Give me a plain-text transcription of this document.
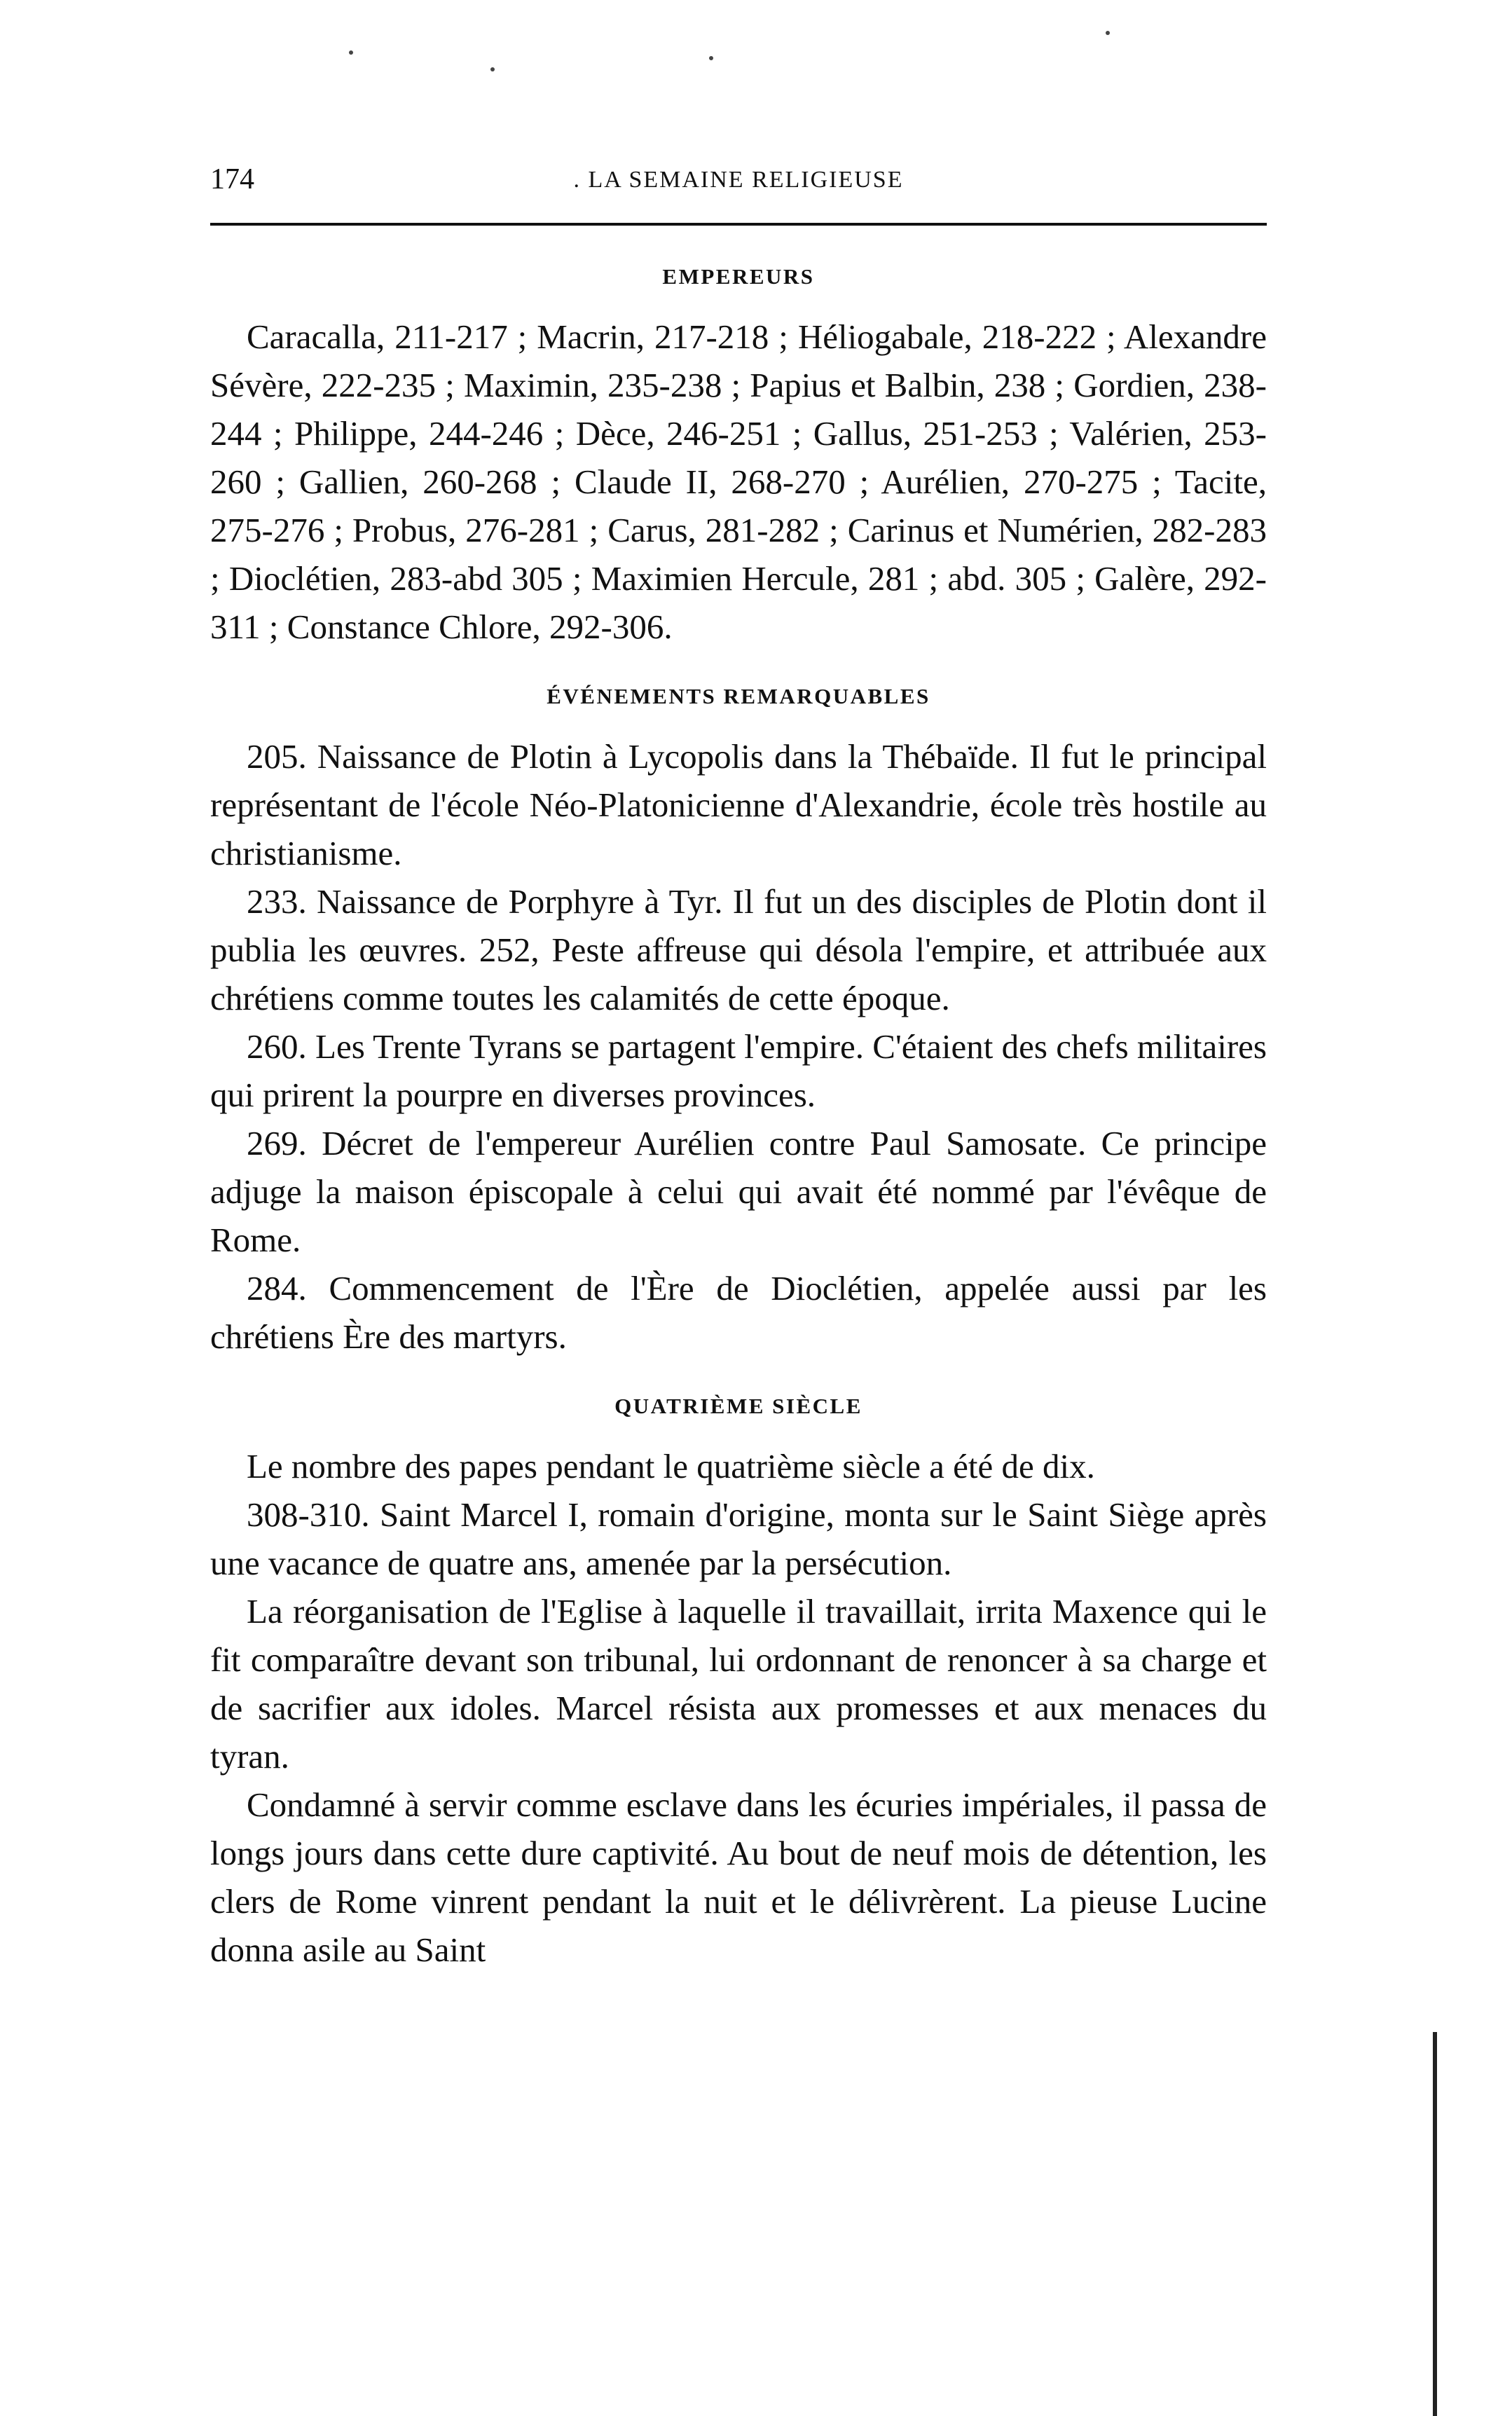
174	. LA SEMAINE RELIGIEUSE
EMPEREURS

Caracalla, 211-217 ; Macrin, 217-218 ; Héliogabale, 218-222 ; Alexandre Sévère, 222-235 ; Maximin, 235-238 ; Papius et Balbin, 238 ; Gordien, 238-244 ; Philippe, 244-246 ; Dèce, 246-251 ; Gallus, 251-253 ; Valérien, 253-260 ; Gallien, 260-268 ; Claude II, 268-270 ; Aurélien, 270-275 ; Tacite, 275-276 ; Probus, 276-281 ; Carus, 281-282 ; Carinus et Numérien, 282-283 ; Dioclétien, 283-abd 305 ; Maximien Hercule, 281 ; abd. 305 ; Galère, 292-311 ; Constance Chlore, 292-306.

ÉVÉNEMENTS REMARQUABLES

205. Naissance de Plotin à Lycopolis dans la Thébaïde. Il fut le principal représentant de l'école Néo-Platonicienne d'Alexandrie, école très hostile au christianisme.

233. Naissance de Porphyre à Tyr. Il fut un des disciples de Plotin dont il publia les œuvres. 252, Peste affreuse qui désola l'empire, et attribuée aux chrétiens comme toutes les calamités de cette époque.

260. Les Trente Tyrans se partagent l'empire. C'étaient des chefs militaires qui prirent la pourpre en diverses provinces.

269. Décret de l'empereur Aurélien contre Paul Samosate. Ce principe adjuge la maison épiscopale à celui qui avait été nommé par l'évêque de Rome.

284. Commencement de l'Ère de Dioclétien, appelée aussi par les chrétiens Ère des martyrs.

QUATRIÈME SIÈCLE

Le nombre des papes pendant le quatrième siècle a été de dix.

308-310. Saint Marcel I, romain d'origine, monta sur le Saint Siège après une vacance de quatre ans, amenée par la persécution.

La réorganisation de l'Eglise à laquelle il travaillait, irrita Maxence qui le fit comparaître devant son tribunal, lui ordonnant de renoncer à sa charge et de sacrifier aux idoles. Marcel résista aux promesses et aux menaces du tyran.

Condamné à servir comme esclave dans les écuries impériales, il passa de longs jours dans cette dure captivité. Au bout de neuf mois de détention, les clers de Rome vinrent pendant la nuit et le délivrèrent. La pieuse Lucine donna asile au Saint
